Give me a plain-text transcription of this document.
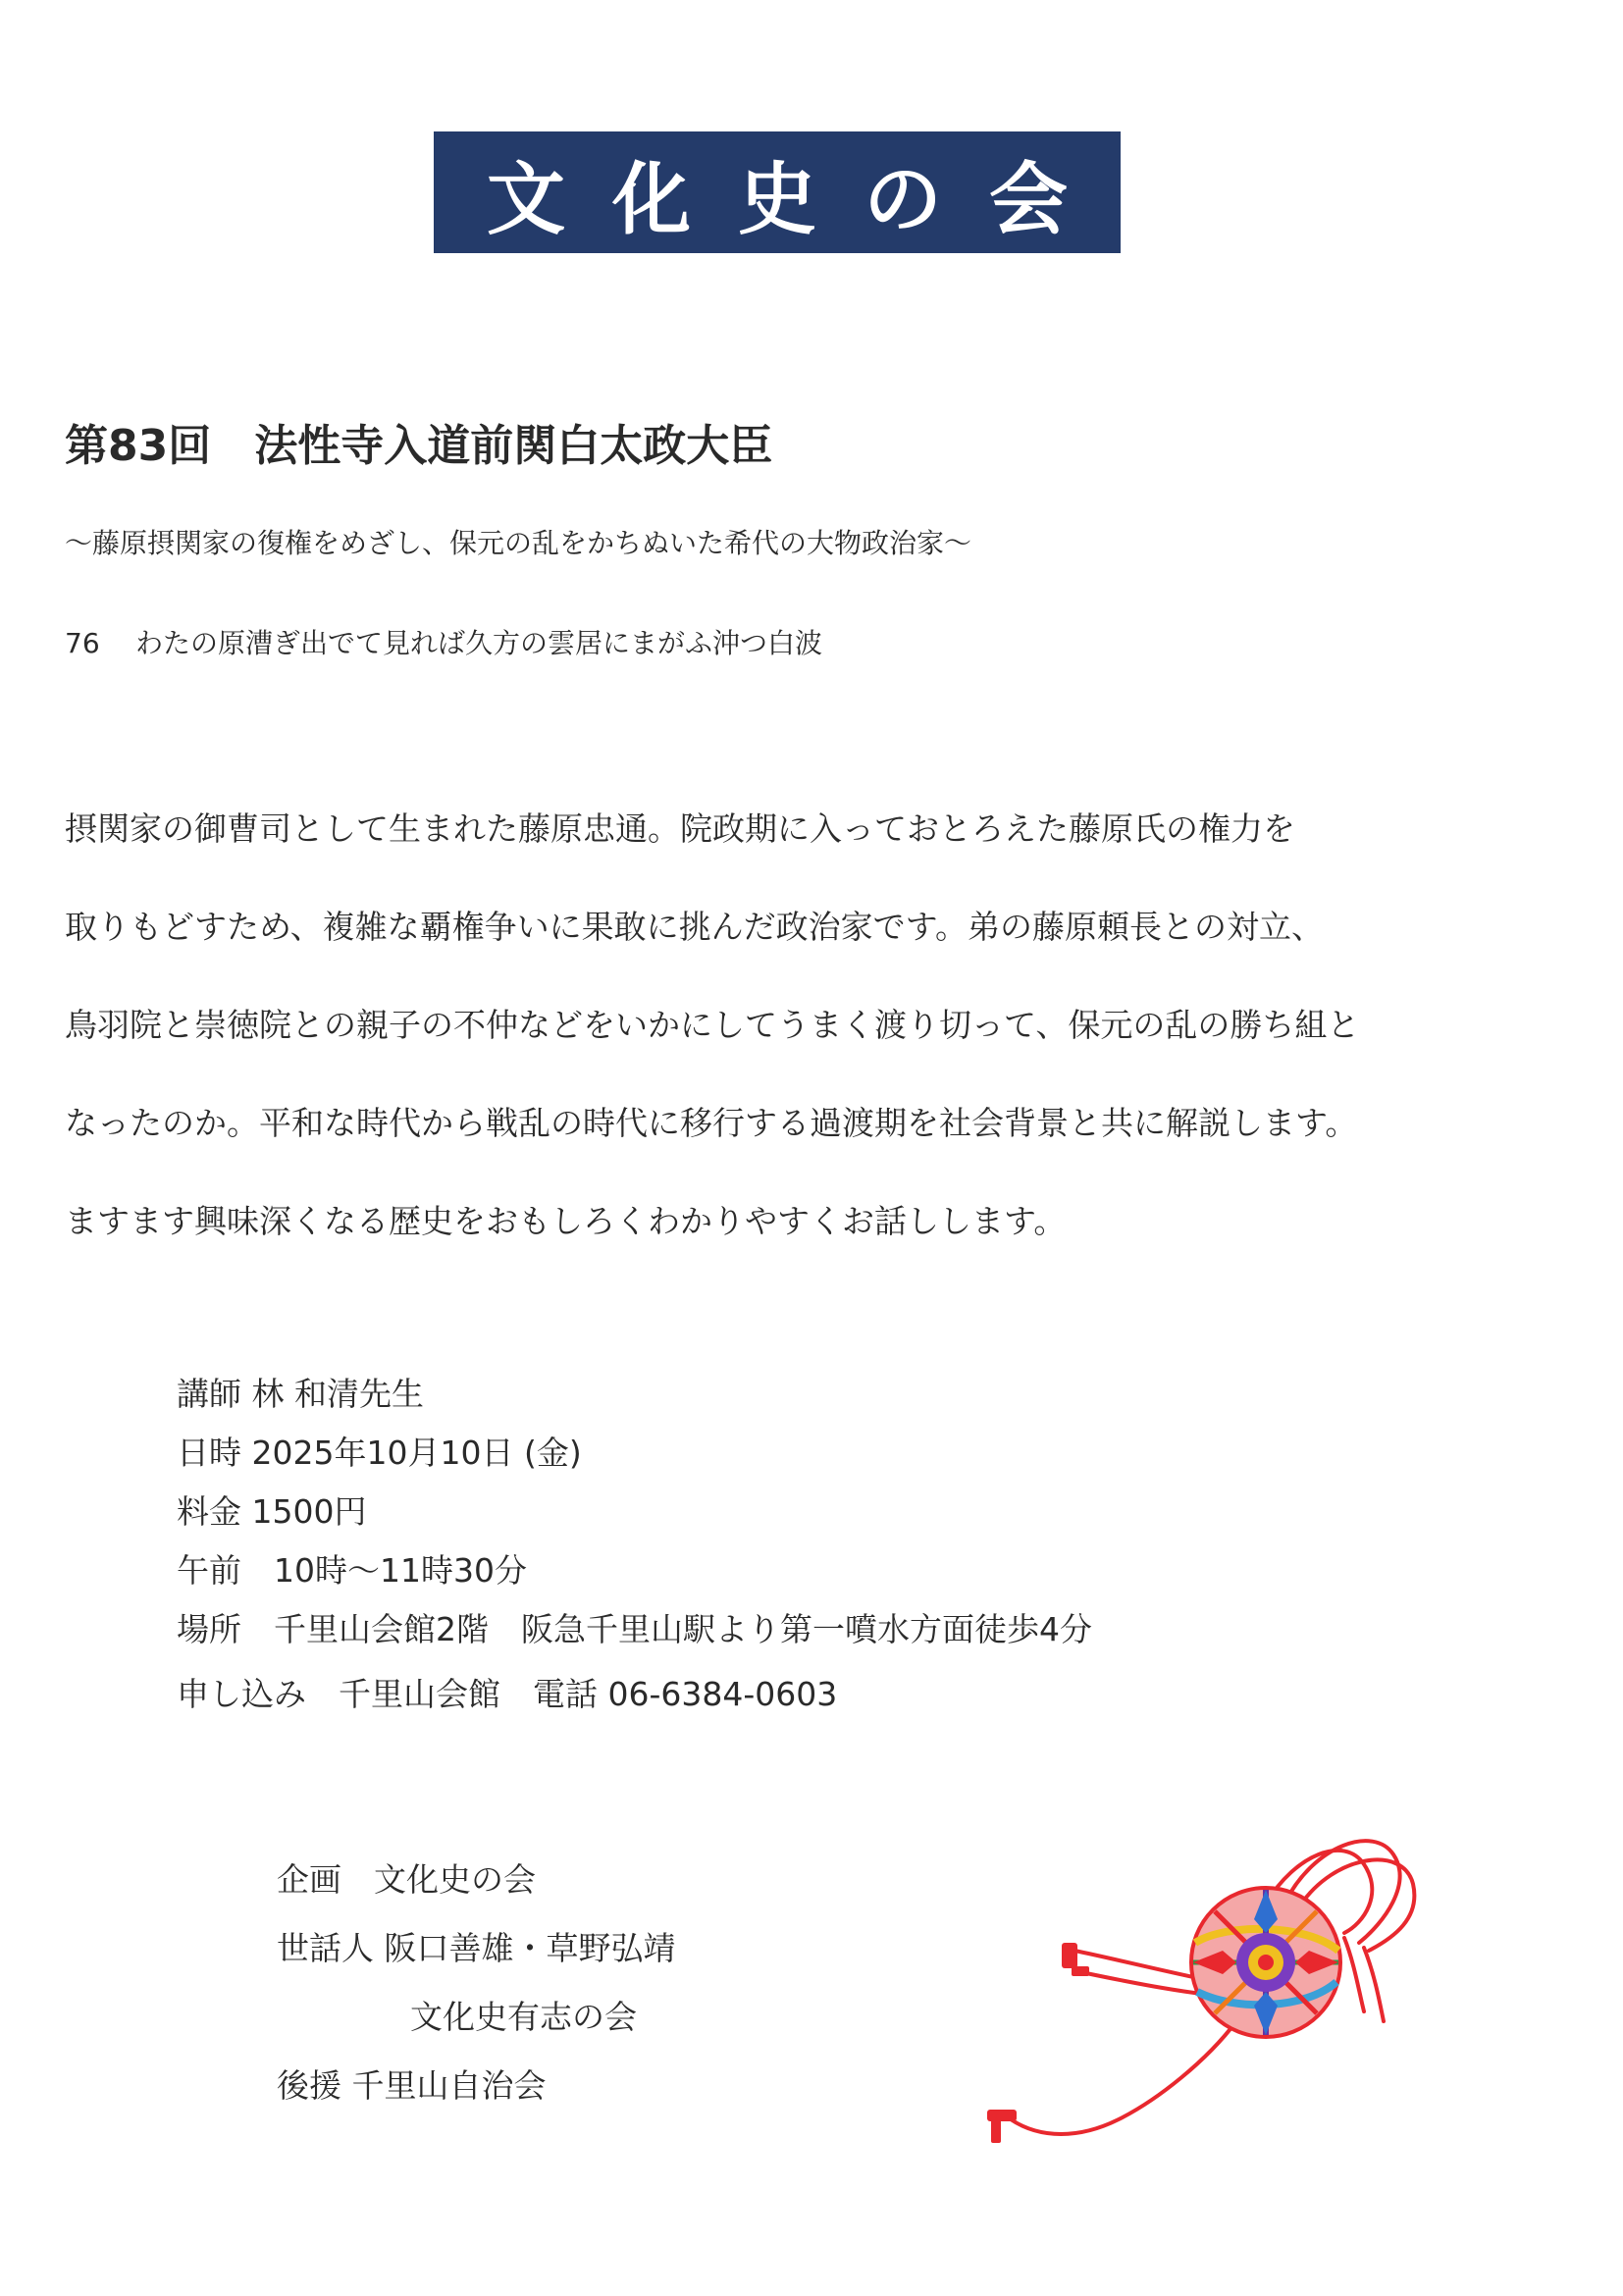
文化史の会
第83回　法性寺入道前関白太政大臣
～藤原摂関家の復権をめざし、保元の乱をかちぬいた希代の大物政治家～
76 わたの原漕ぎ出でて見れば久方の雲居にまがふ沖つ白波

摂関家の御曹司として生まれた藤原忠通。院政期に入っておとろえた藤原氏の権力を

取りもどすため、複雑な覇権争いに果敢に挑んだ政治家です。弟の藤原頼長との対立、

鳥羽院と崇徳院との親子の不仲などをいかにしてうまく渡り切って、保元の乱の勝ち組と

なったのか。平和な時代から戦乱の時代に移行する過渡期を社会背景と共に解説します。

ますます興味深くなる歴史をおもしろくわかりやすくお話しします。

講師 林 和清先生
日時 2025年10月10日 (金)
料金 1500円
午前　10時～11時30分
場所　千里山会館2階　阪急千里山駅より第一噴水方面徒歩4分
申し込み　千里山会館　電話 06-6384-0603
企画　文化史の会
世話人 阪口善雄・草野弘靖
文化史有志の会
後援 千里山自治会
